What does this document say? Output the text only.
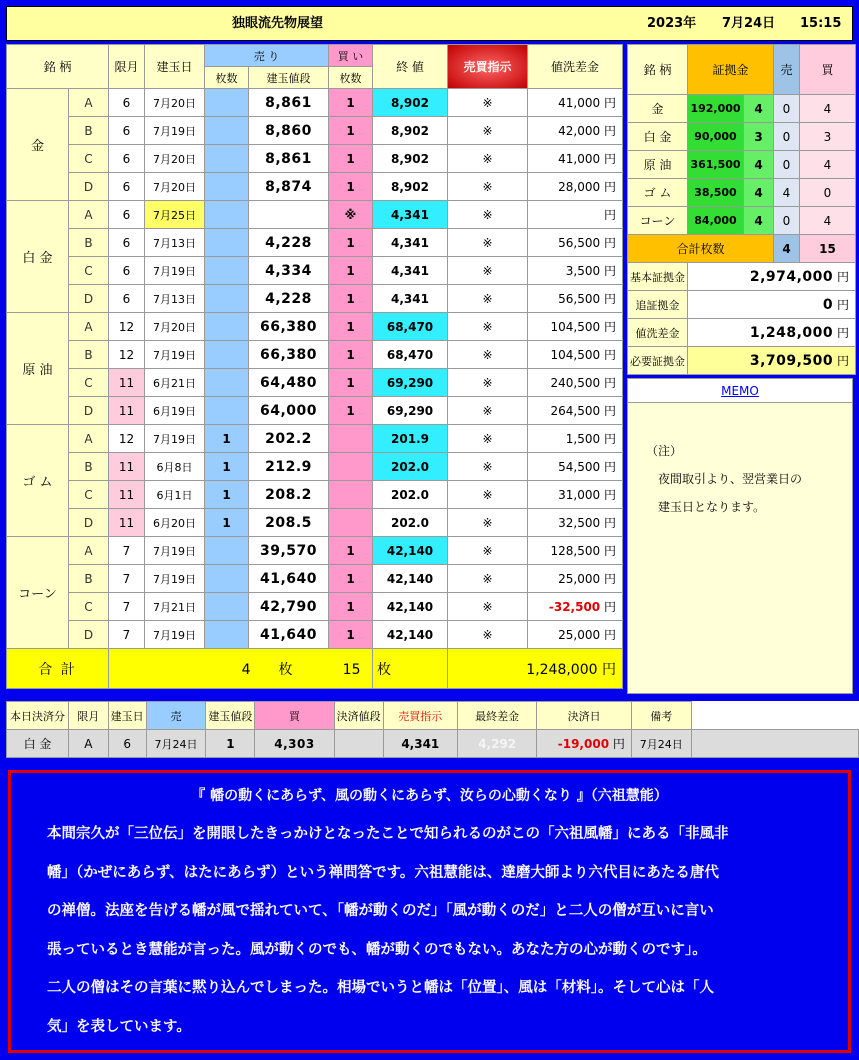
独眼流先物展望	2023年 7月24日 15:15
銘 柄		限月	建玉日	売 り		買 い	終 値	売買指示	値洗差金
				枚数	建玉値段	枚数			
金	A	6	7月20日		8,861	1	8,902	※	41,000 円
	B	6	7月19日		8,860	1	8,902	※	42,000 円
	C	6	7月20日		8,861	1	8,902	※	41,000 円
	D	6	7月20日		8,874	1	8,902	※	28,000 円
白 金	A	6	7月25日			※	4,341	※	円
	B	6	7月13日		4,228	1	4,341	※	56,500 円
	C	6	7月19日		4,334	1	4,341	※	3,500 円
	D	6	7月13日		4,228	1	4,341	※	56,500 円
原 油	A	12	7月20日		66,380	1	68,470	※	104,500 円
	B	12	7月19日		66,380	1	68,470	※	104,500 円
	C	11	6月21日		64,480	1	69,290	※	240,500 円
	D	11	6月19日		64,000	1	69,290	※	264,500 円
ゴ ム	A	12	7月19日	1	202.2		201.9	※	1,500 円
	B	11	6月8日	1	212.9		202.0	※	54,500 円
	C	11	6月1日	1	208.2		202.0	※	31,000 円
	D	11	6月20日	1	208.5		202.0	※	32,500 円
コーン	A	7	7月19日		39,570	1	42,140	※	128,500 円
	B	7	7月19日		41,640	1	42,140	※	25,000 円
	C	7	7月21日		42,790	1	42,140	※	-32,500 円
	D	7	7月19日		41,640	1	42,140	※	25,000 円
合 計		4 枚 15					枚	1,248,000 円	
銘 柄	証拠金		売	買
金	192,000	4	0	4
白 金	90,000	3	0	3
原 油	361,500	4	0	4
ゴ ム	38,500	4	4	0
コーン	84,000	4	0	4
合計枚数			4	15
基本証拠金	2,974,000 円			
追証拠金	0 円			
値洗差金	1,248,000 円			
必要証拠金	3,709,500 円			
MEMO
（注）
　夜間取引より、翌営業日の
　建玉日となります。
本日決済分	限月	建玉日	売	建玉値段	買	決済値段	売買指示	最終差金	決済日	備考	
白 金	A	6	7月24日	1	4,303		4,341	4,292	-19,000 円	7月24日	
『 幡の動くにあらず、風の動くにあらず、汝らの心動くなり 』（六祖慧能）
本間宗久が「三位伝」を開眼したきっかけとなったことで知られるのがこの「六祖風幡」にある「非風非
幡」（かぜにあらず、はたにあらず）という禅問答です。六祖慧能は、達磨大師より六代目にあたる唐代
の禅僧。法座を告げる幡が風で揺れていて、「幡が動くのだ」「風が動くのだ」と二人の僧が互いに言い
張っているとき慧能が言った。風が動くのでも、幡が動くのでもない。あなた方の心が動くのです」。
二人の僧はその言葉に黙り込んでしまった。相場でいうと幡は「位置」、風は「材料」。そして心は「人
気」を表しています。
